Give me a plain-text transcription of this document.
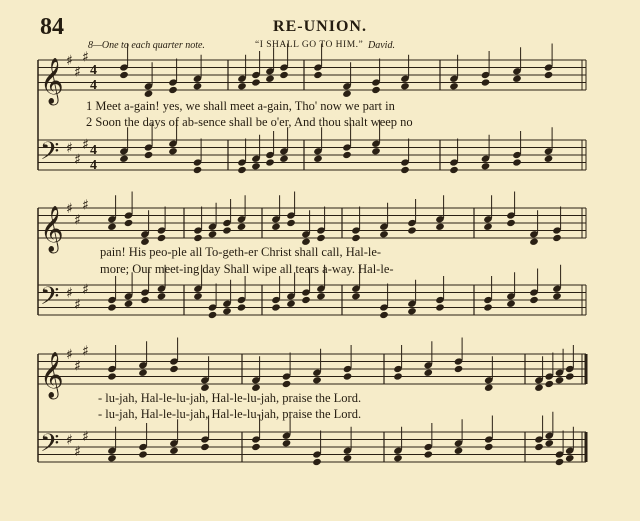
84	RE-UNION.
8—One to each quarter note.	“I SHALL GO TO HIM.” David.
𝄞 ♯
♯
♯
4
4
𝄢 ♯
♯
♯ 4
4
𝄞 ♯
♯
♯
𝄢 ♯
♯
♯
𝄞 ♯
♯
♯
𝄢 ♯
♯
♯
1 Meet a-gain! yes, we shall meet a-gain, Tho' now we part in
2 Soon the days of ab-sence shall be o'er, And thou shalt weep no
pain! His peo-ple all To-geth-er Christ shall call, Hal-le-
more; Our meet-ing day Shall wipe all tears a-way. Hal-le-
- lu-jah, Hal-le-lu-jah, Hal-le-lu-jah, praise the Lord.
- lu-jah, Hal-le-lu-jah, Hal-le-lu-jah, praise the Lord.
